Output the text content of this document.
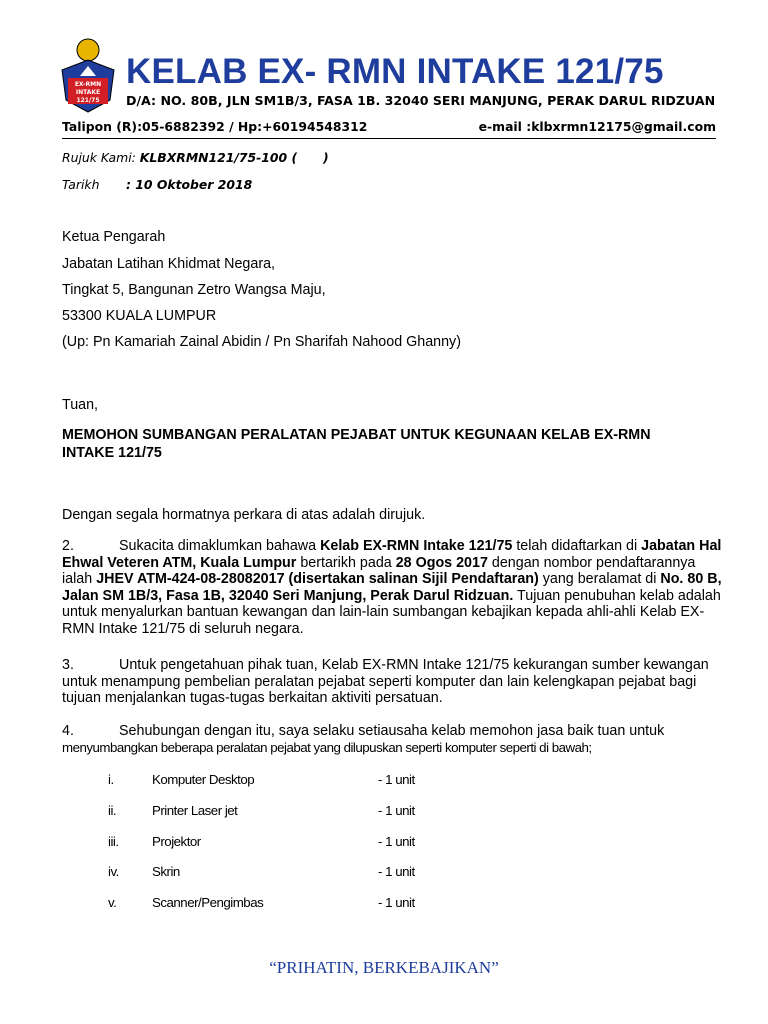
EX-RMN
INTAKE
121/75
KELAB EX- RMN INTAKE 121/75
D/A: NO. 80B, JLN SM1B/3, FASA 1B. 32040 SERI MANJUNG, PERAK DARUL RIDZUAN
Talipon (R):05-6882392 / Hp:+60194548312	e-mail :klbxrmn12175@gmail.com
Rujuk Kami: KLBXRMN121/75-100 (      )
Tarikh : 10 Oktober 2018
Ketua Pengarah
Jabatan Latihan Khidmat Negara,
Tingkat 5, Bangunan Zetro Wangsa Maju,
53300 KUALA LUMPUR
(Up: Pn Kamariah Zainal Abidin / Pn Sharifah Nahood Ghanny)
Tuan,
MEMOHON SUMBANGAN PERALATAN PEJABAT UNTUK KEGUNAAN KELAB EX-RMN
INTAKE 121/75
Dengan segala hormatnya perkara di atas adalah dirujuk.
2.	Sukacita dimaklumkan bahawa Kelab EX-RMN Intake 121/75 telah didaftarkan di Jabatan Hal Ehwal Veteren ATM, Kuala Lumpur bertarikh pada 28 Ogos 2017 dengan nombor pendaftarannya ialah JHEV ATM-424-08-28082017 (disertakan salinan Sijil Pendaftaran) yang beralamat di No. 80 B, Jalan SM 1B/3, Fasa 1B, 32040 Seri Manjung, Perak Darul Ridzuan. Tujuan penubuhan kelab adalah untuk menyalurkan bantuan kewangan dan lain-lain sumbangan kebajikan kepada ahli-ahli Kelab EX-RMN Intake 121/75 di seluruh negara.
3.	Untuk pengetahuan pihak tuan, Kelab EX-RMN Intake 121/75 kekurangan sumber kewangan untuk menampung pembelian peralatan pejabat seperti komputer dan lain kelengkapan pejabat bagi tujuan menjalankan tugas-tugas berkaitan aktiviti persatuan.
4.	Sehubungan dengan itu, saya selaku setiausaha kelab memohon jasa baik tuan untuk
menyumbangkan beberapa peralatan pejabat yang dilupuskan seperti komputer seperti di bawah;
i.	Komputer Desktop	- 1 unit
ii.	Printer Laser jet	- 1 unit
iii.	Projektor	- 1 unit
iv. Skrin	- 1 unit
v.	Scanner/Pengimbas	- 1 unit
“PRIHATIN, BERKEBAJIKAN”
